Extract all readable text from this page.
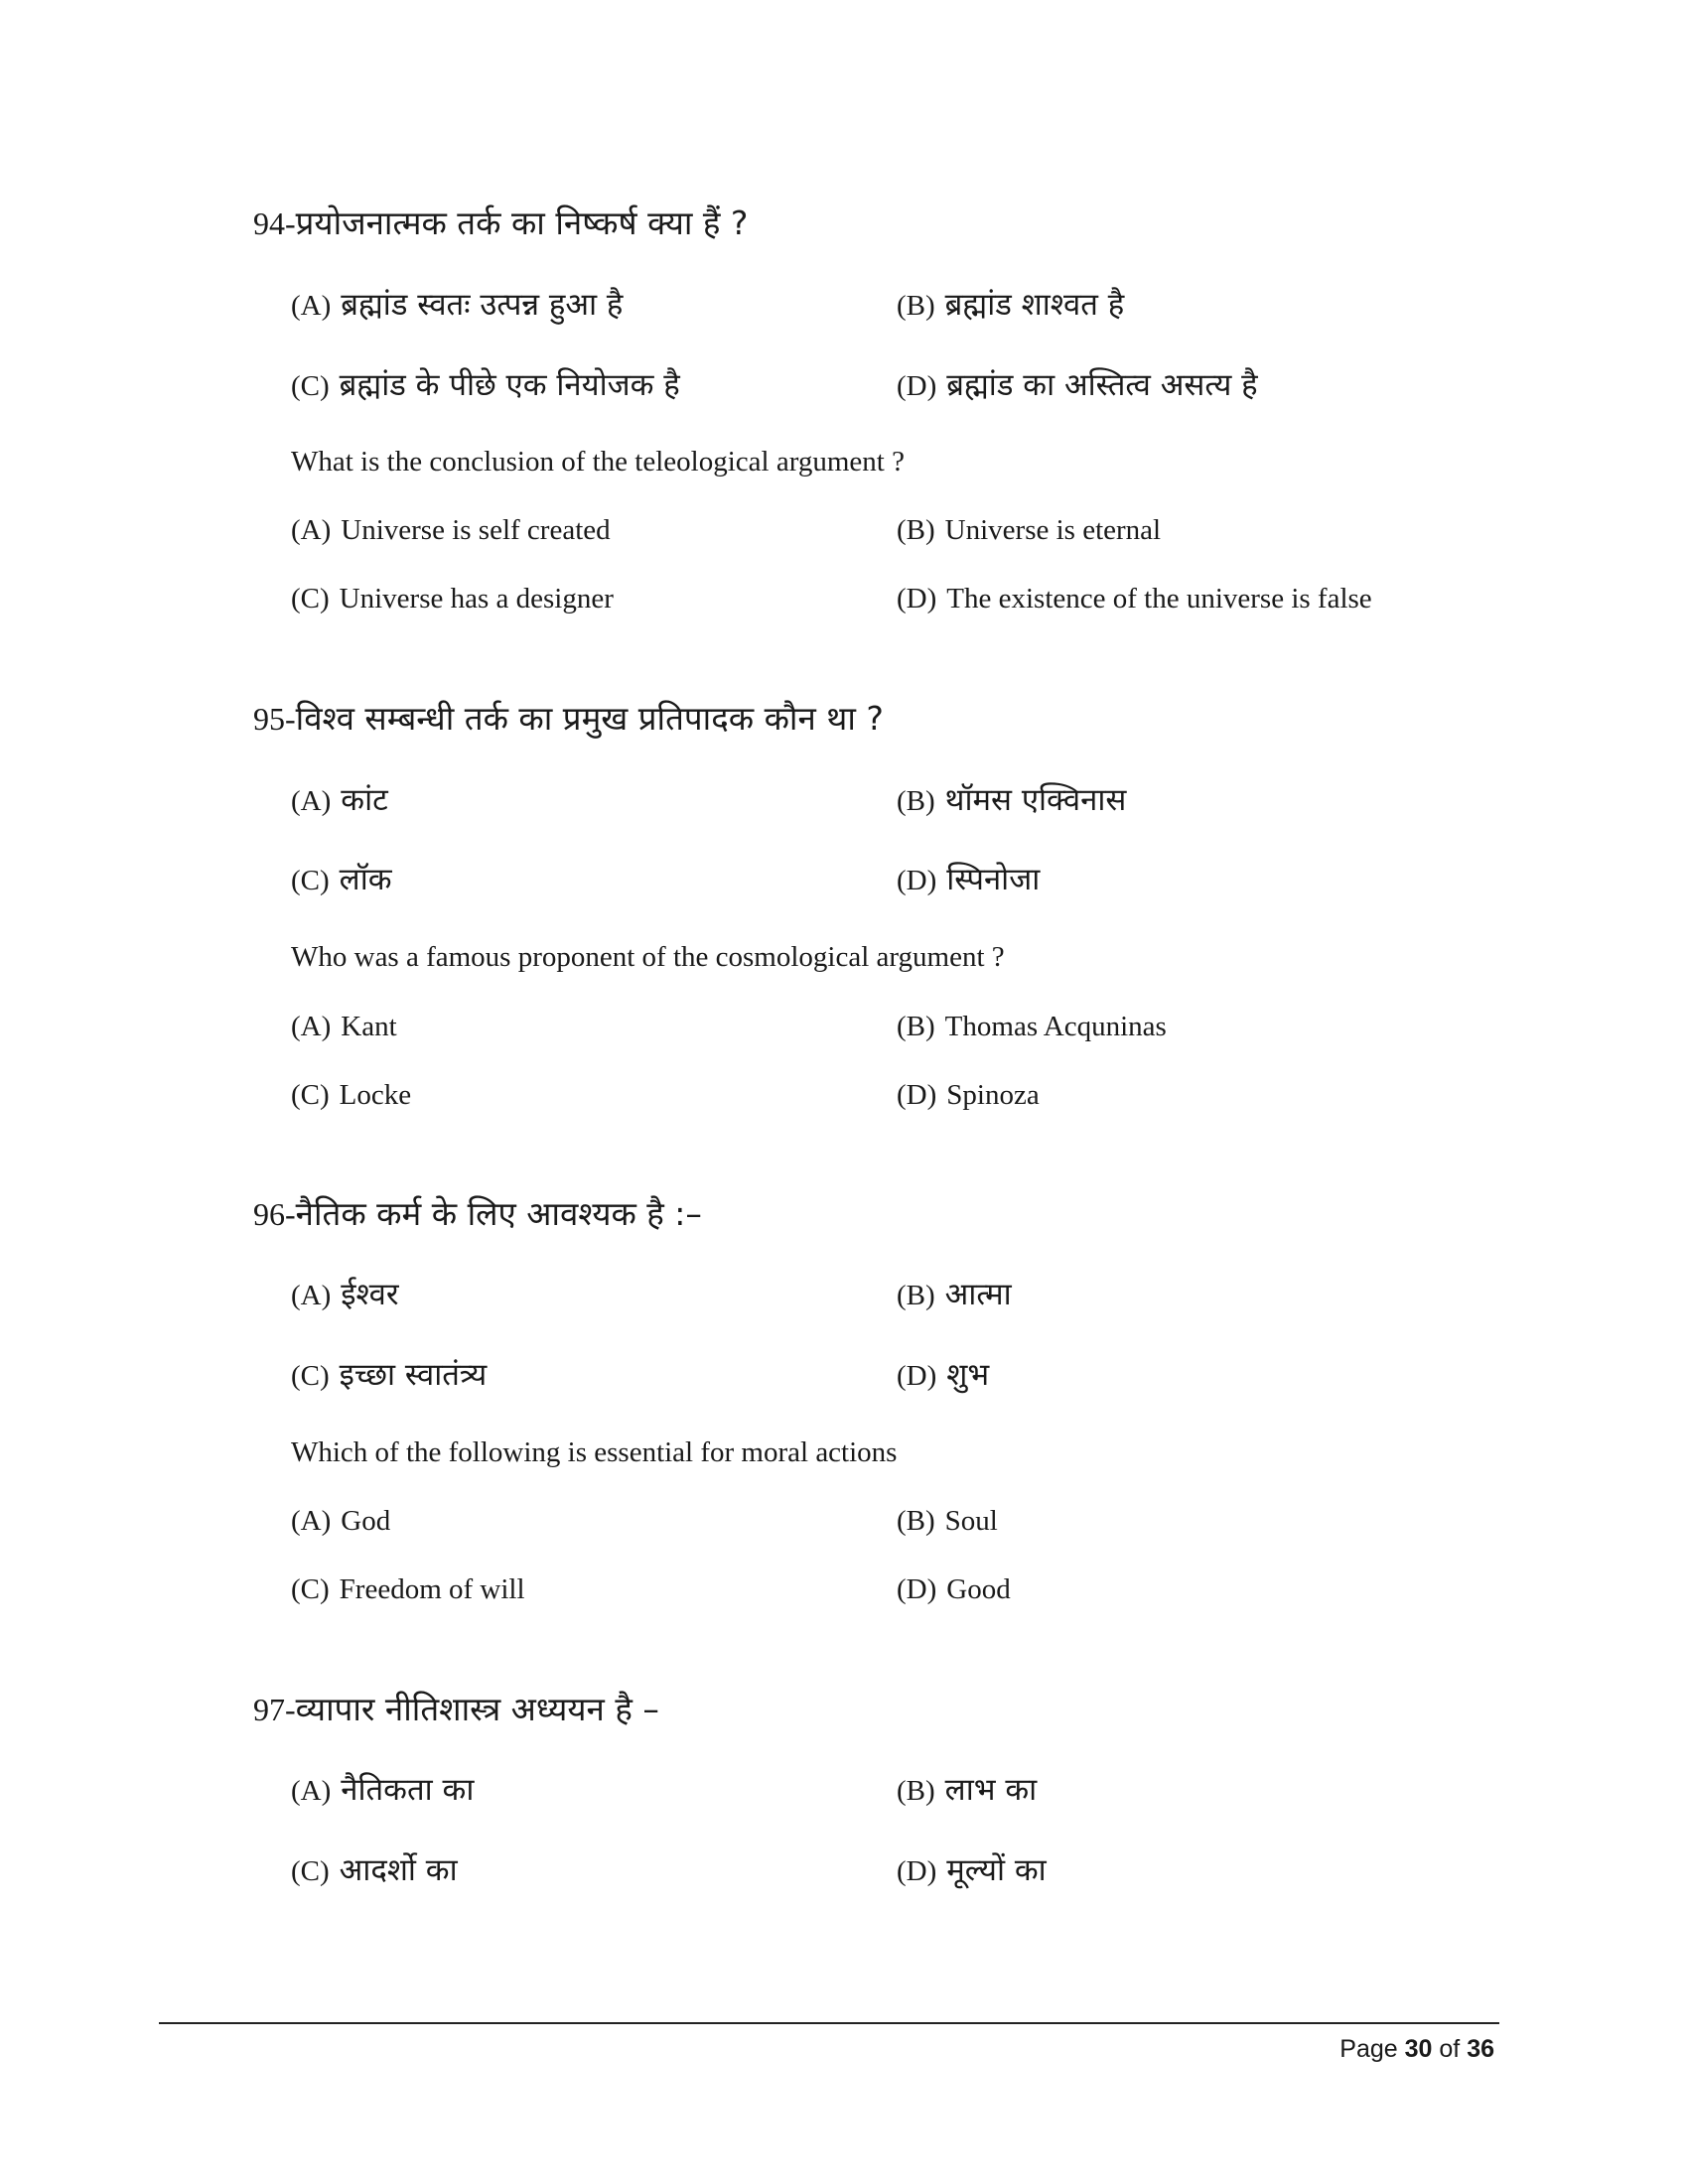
94-प्रयोजनात्मक तर्क का निष्कर्ष क्या हैं ?
(A) ब्रह्मांड स्वतः उत्पन्न हुआ है	(B) ब्रह्मांड शाश्वत है
(C) ब्रह्मांड के पीछे एक नियोजक है	(D) ब्रह्मांड का अस्तित्व असत्य है
What is the conclusion of the teleological argument ?
(A) Universe is self created	(B) Universe is eternal
(C) Universe has a designer	(D) The existence of the universe is false
95-विश्व सम्बन्धी तर्क का प्रमुख प्रतिपादक कौन था ?
(A) कांट	(B) थॉमस एक्विनास
(C) लॉक	(D) स्पिनोजा
Who was a famous proponent of the cosmological argument ?
(A) Kant	(B) Thomas Acquninas
(C) Locke	(D) Spinoza
96-नैतिक कर्म के लिए आवश्यक है :–
(A) ईश्वर	(B) आत्मा
(C) इच्छा स्वातंत्र्य	(D) शुभ
Which of the following is essential for moral actions
(A) God	(B) Soul
(C) Freedom of will	(D) Good
97-व्यापार नीतिशास्त्र अध्ययन है –
(A) नैतिकता का	(B) लाभ का
(C) आदर्शो का	(D) मूल्यों का
Page 30 of 36
